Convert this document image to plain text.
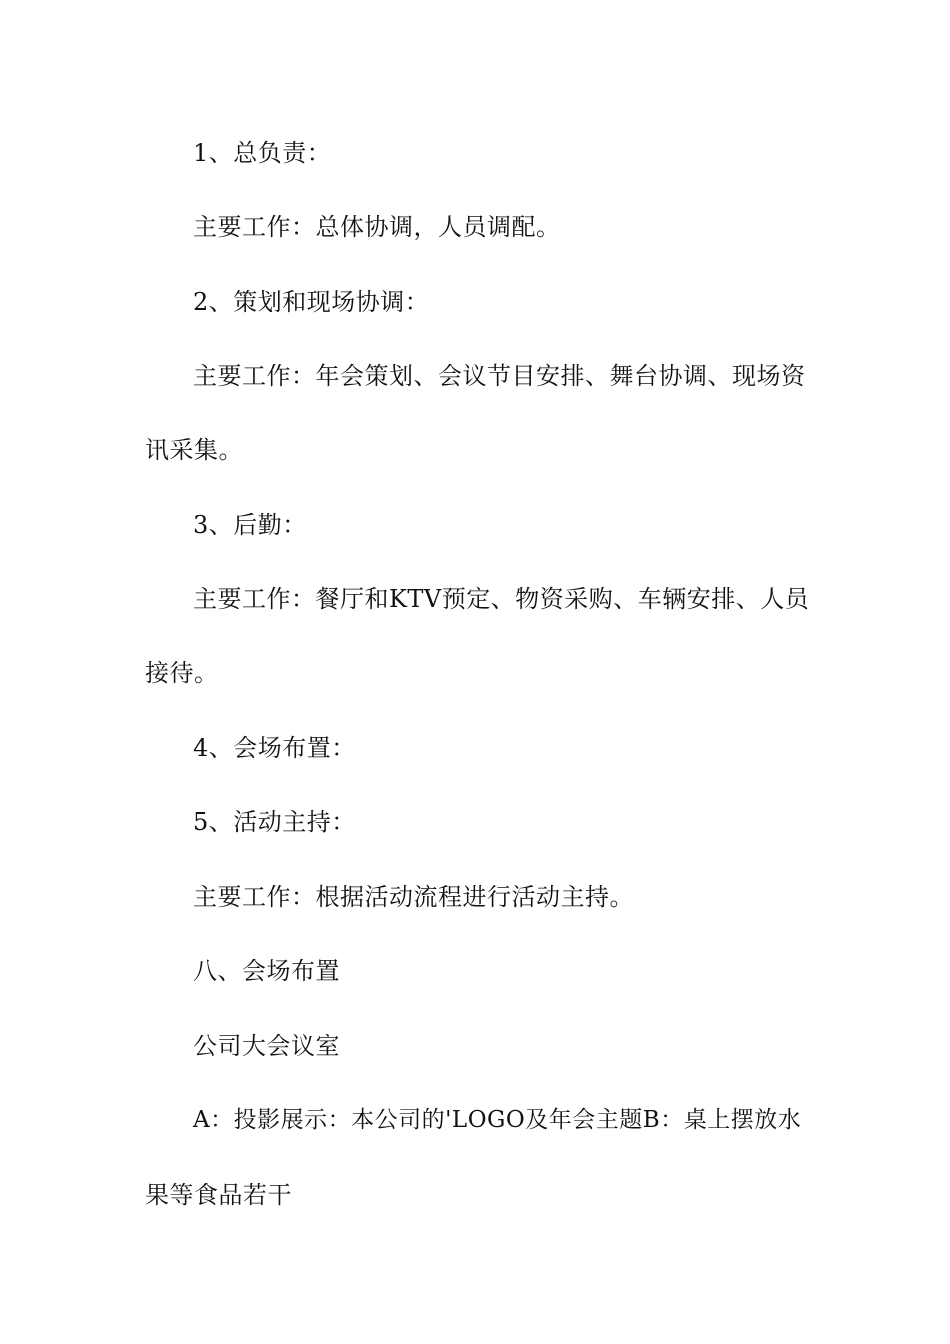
1、总负责：
主要工作：总体协调，人员调配。
2、策划和现场协调：
主要工作：年会策划、会议节目安排、舞台协调、现场资
讯采集。
3、后勤：
主要工作：餐厅和KTV预定、物资采购、车辆安排、人员
接待。
4、会场布置：
5、活动主持：
主要工作：根据活动流程进行活动主持。
八、会场布置
公司大会议室
A：投影展示：本公司的'LOGO及年会主题B：桌上摆放水
果等食品若干
